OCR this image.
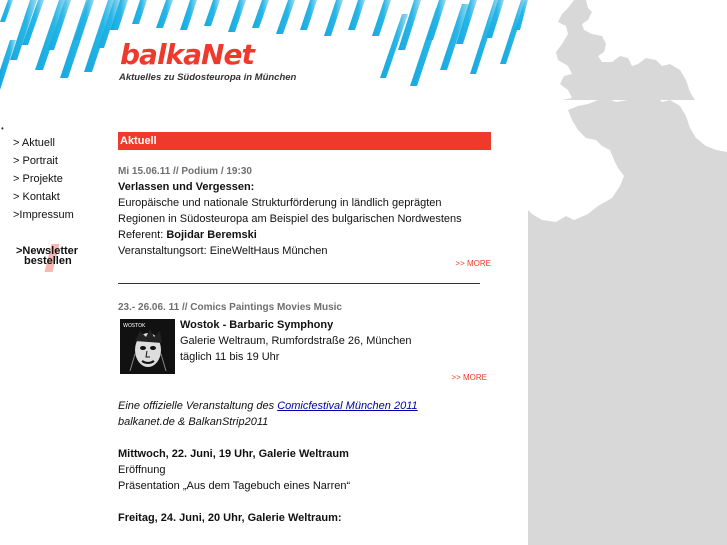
balkaNet
Aktuelles zu Südosteuropa in München
•
> Aktuell
> Portrait
> Projekte
> Kontakt
>Impressum
>Newsletter
bestellen
Aktuell
Mi 15.06.11 // Podium / 19:30
Verlassen und Vergessen:
Europäische und nationale Strukturförderung in ländlich geprägten
Regionen in Südosteuropa am Beispiel des bulgarischen Nordwestens
Referent: Bojidar Beremski
Veranstaltungsort: EineWeltHaus München
>> MORE
23.- 26.06. 11 // Comics Paintings Movies Music
WOSTOK	Wostok - Barbaric Symphony
Galerie Weltraum, Rumfordstraße 26, München
täglich 11 bis 19 Uhr
>> MORE
Eine offizielle Veranstaltung des Comicfestival München 2011
balkanet.de & BalkanStrip2011
Mittwoch, 22. Juni, 19 Uhr, Galerie Weltraum
Eröffnung
Präsentation „Aus dem Tagebuch eines Narren“
Freitag, 24. Juni, 20 Uhr, Galerie Weltraum:
